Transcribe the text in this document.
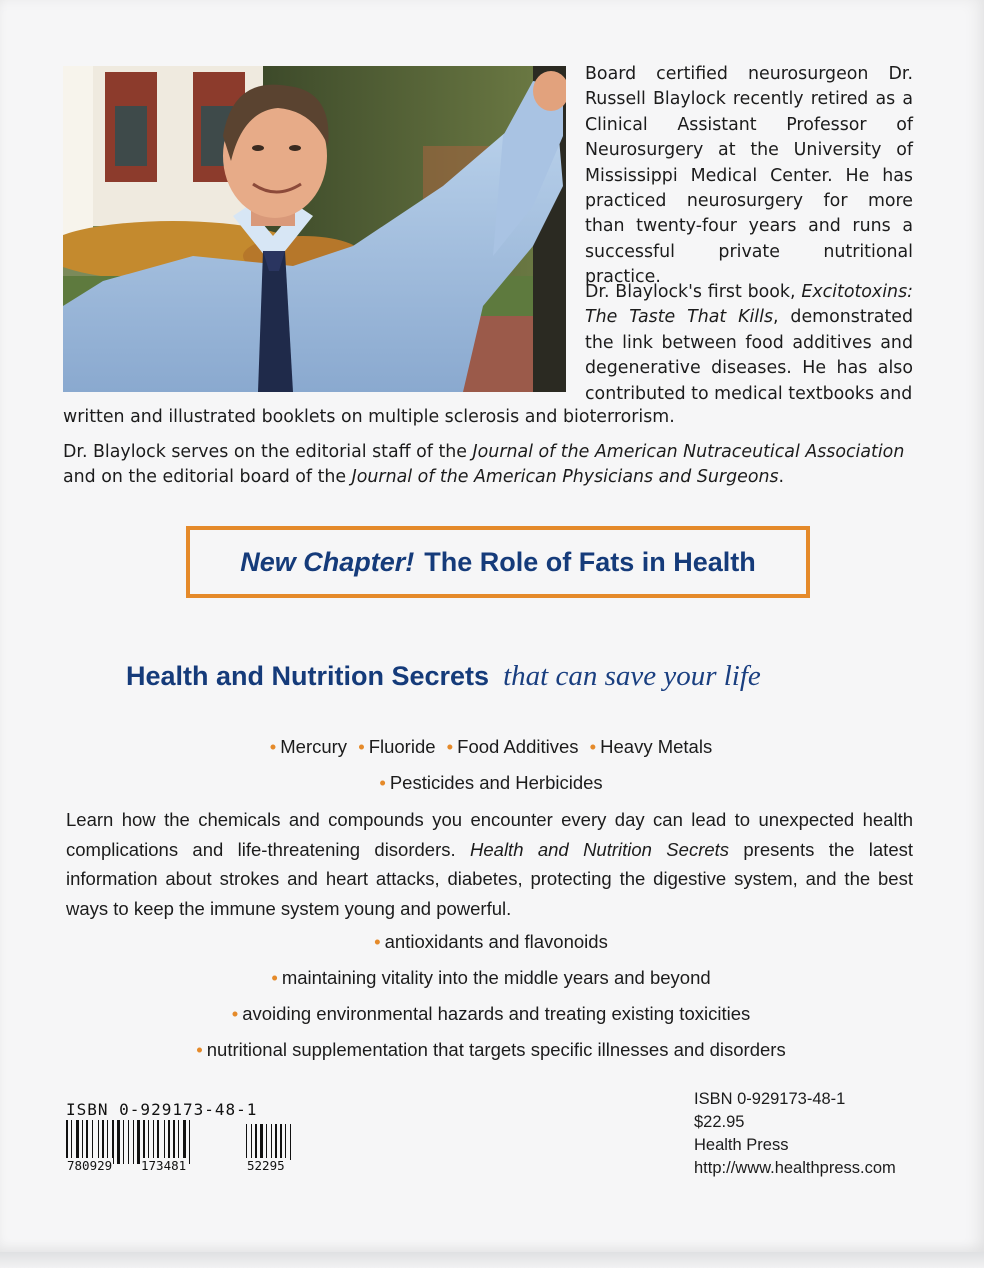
Board certified neurosurgeon Dr. Russell Blaylock recently retired as a Clinical Assistant Professor of Neurosurgery at the University of Mississippi Medical Center. He has practiced neurosurgery for more than twenty-four years and runs a successful private nutritional practice.

Dr. Blaylock's first book, Excitotoxins: The Taste That Kills, demonstrated the link between food additives and degenerative diseases. He has also contributed to medical textbooks and

written and illustrated booklets on multiple sclerosis and bioterrorism.

Dr. Blaylock serves on the editorial staff of the Journal of the American Nutraceutical Association and on the editorial board of the Journal of the American Physicians and Surgeons.

New Chapter! The Role of Fats in Health
Health and Nutrition Secrets that can save your life
• Mercury • Fluoride • Food Additives • Heavy Metals
• Pesticides and Herbicides

Learn how the chemicals and compounds you encounter every day can lead to unexpected health complications and life-threatening disorders. Health and Nutrition Secrets presents the latest information about strokes and heart attacks, diabetes, protecting the digestive system, and the best ways to keep the immune system young and powerful.

• antioxidants and flavonoids
• maintaining vitality into the middle years and beyond
• avoiding environmental hazards and treating existing toxicities
• nutritional supplementation that targets specific illnesses and disorders
ISBN 0-929173-48-1
780929 173481	52295
ISBN 0-929173-48-1
$22.95
Health Press
http://www.healthpress.com
